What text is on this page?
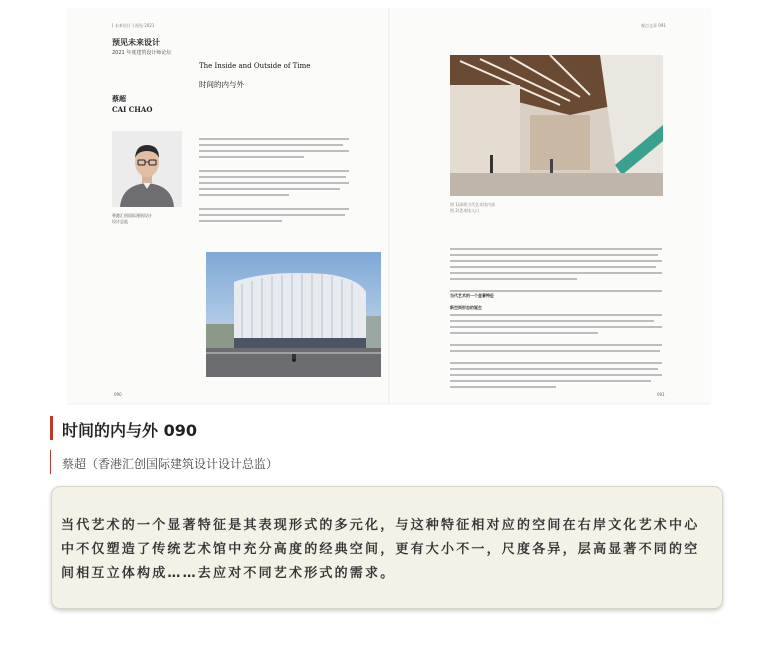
[ 未来设计 ] 预见·2021
预见未来设计
2021 年度建筑设计师论坛
The Inside and Outside of Time
时间的内与外
蔡超
CAI CHAO
香港汇创国际建筑设计
设计总监
090
观点文章 091
图 1/深圳当代艺术馆内部
图 2/美术馆入口
当代艺术的一个显著特征
新空间形态的诞生
091
时间的内与外 090
蔡超（香港汇创国际建筑设计设计总监）

当代艺术的一个显著特征是其表现形式的多元化，与这种特征相对应的空间在右岸文化艺术中心中不仅塑造了传统艺术馆中充分高度的经典空间，更有大小不一，尺度各异，层高显著不同的空间相互立体构成……去应对不同艺术形式的需求。
